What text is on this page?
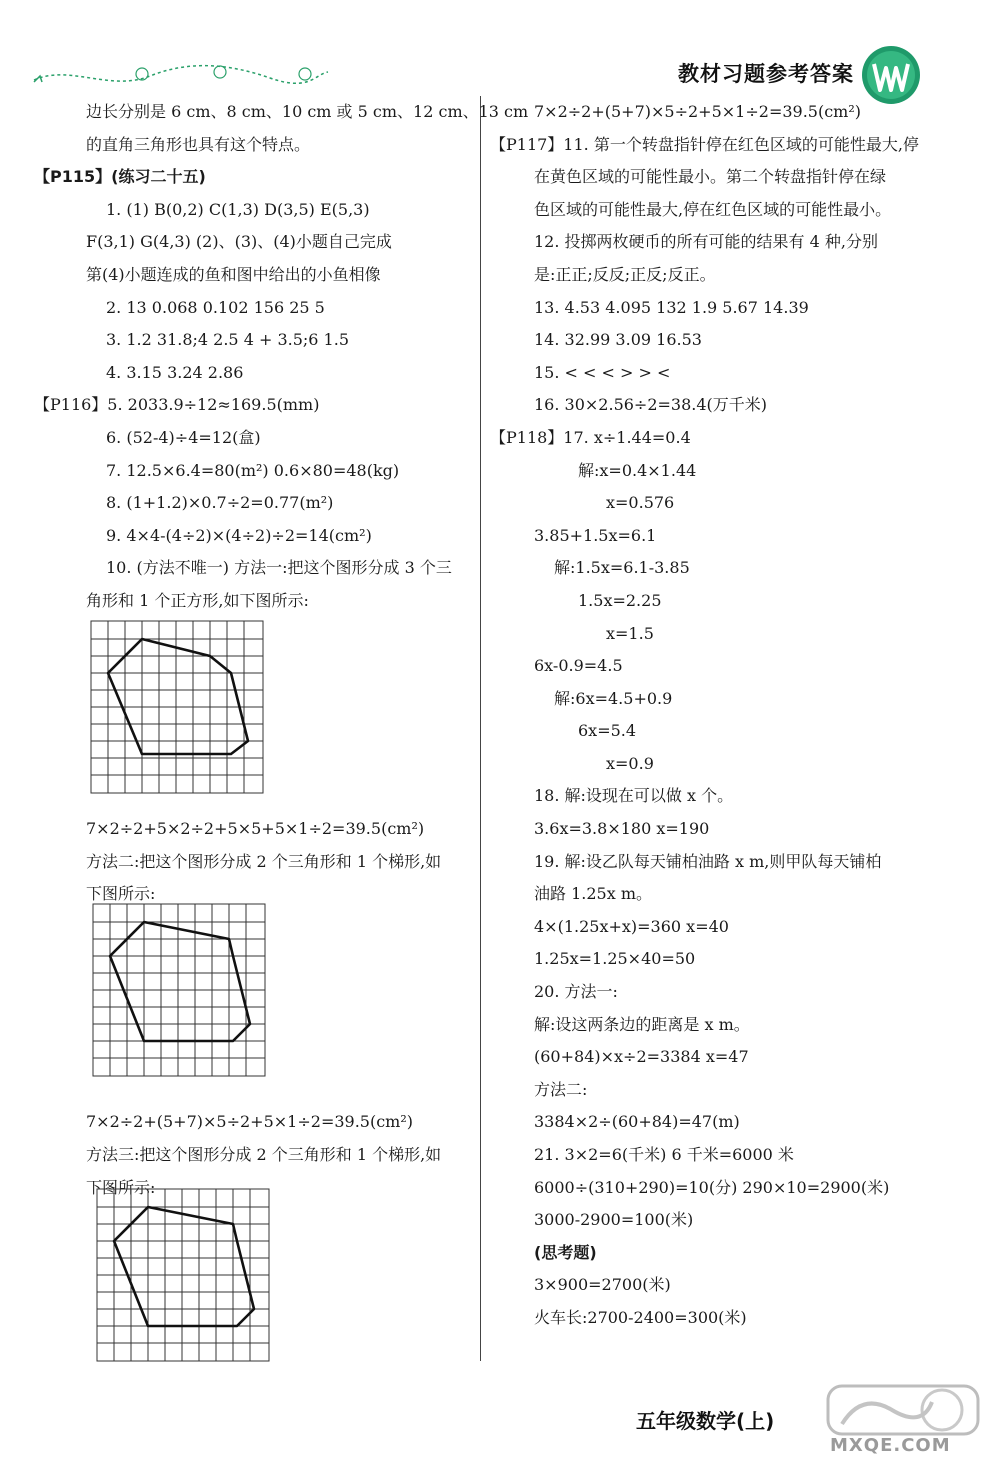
教材习题参考答案
边长分别是 6 cm、8 cm、10 cm 或 5 cm、12 cm、13 cm
的直角三角形也具有这个特点。
【P115】(练习二十五)
1. (1) B(0,2) C(1,3) D(3,5) E(5,3)
F(3,1) G(4,3) (2)、(3)、(4)小题自己完成
第(4)小题连成的鱼和图中给出的小鱼相像
2. 13 0.068 0.102 156 25 5
3. 1.2 31.8;4 2.5 4 + 3.5;6 1.5
4. 3.15 3.24 2.86
【P116】5. 2033.9÷12≈169.5(mm)
6. (52-4)÷4=12(盒)
7. 12.5×6.4=80(m²) 0.6×80=48(kg)
8. (1+1.2)×0.7÷2=0.77(m²)
9. 4×4-(4÷2)×(4÷2)÷2=14(cm²)
10. (方法不唯一) 方法一:把这个图形分成 3 个三
角形和 1 个正方形,如下图所示:
7×2÷2+5×2÷2+5×5+5×1÷2=39.5(cm²)
方法二:把这个图形分成 2 个三角形和 1 个梯形,如
下图所示:
7×2÷2+(5+7)×5÷2+5×1÷2=39.5(cm²)
方法三:把这个图形分成 2 个三角形和 1 个梯形,如
下图所示:
7×2÷2+(5+7)×5÷2+5×1÷2=39.5(cm²)
【P117】11. 第一个转盘指针停在红色区域的可能性最大,停
在黄色区域的可能性最小。第二个转盘指针停在绿
色区域的可能性最大,停在红色区域的可能性最小。
12. 投掷两枚硬币的所有可能的结果有 4 种,分别
是:正正;反反;正反;反正。
13. 4.53 4.095 132 1.9 5.67 14.39
14. 32.99 3.09 16.53
15. < < < > > <
16. 30×2.56÷2=38.4(万千米)
【P118】17. x÷1.44=0.4
解:x=0.4×1.44
x=0.576
3.85+1.5x=6.1
解:1.5x=6.1-3.85
1.5x=2.25
x=1.5
6x-0.9=4.5
解:6x=4.5+0.9
6x=5.4
x=0.9
18. 解:设现在可以做 x 个。
3.6x=3.8×180 x=190
19. 解:设乙队每天铺柏油路 x m,则甲队每天铺柏
油路 1.25x m。
4×(1.25x+x)=360 x=40
1.25x=1.25×40=50
20. 方法一:
解:设这两条边的距离是 x m。
(60+84)×x÷2=3384 x=47
方法二:
3384×2÷(60+84)=47(m)
21. 3×2=6(千米) 6 千米=6000 米
6000÷(310+290)=10(分) 290×10=2900(米)
3000-2900=100(米)
(思考题)
3×900=2700(米)
火车长:2700-2400=300(米)
五年级数学(上)
MXQE.COM
